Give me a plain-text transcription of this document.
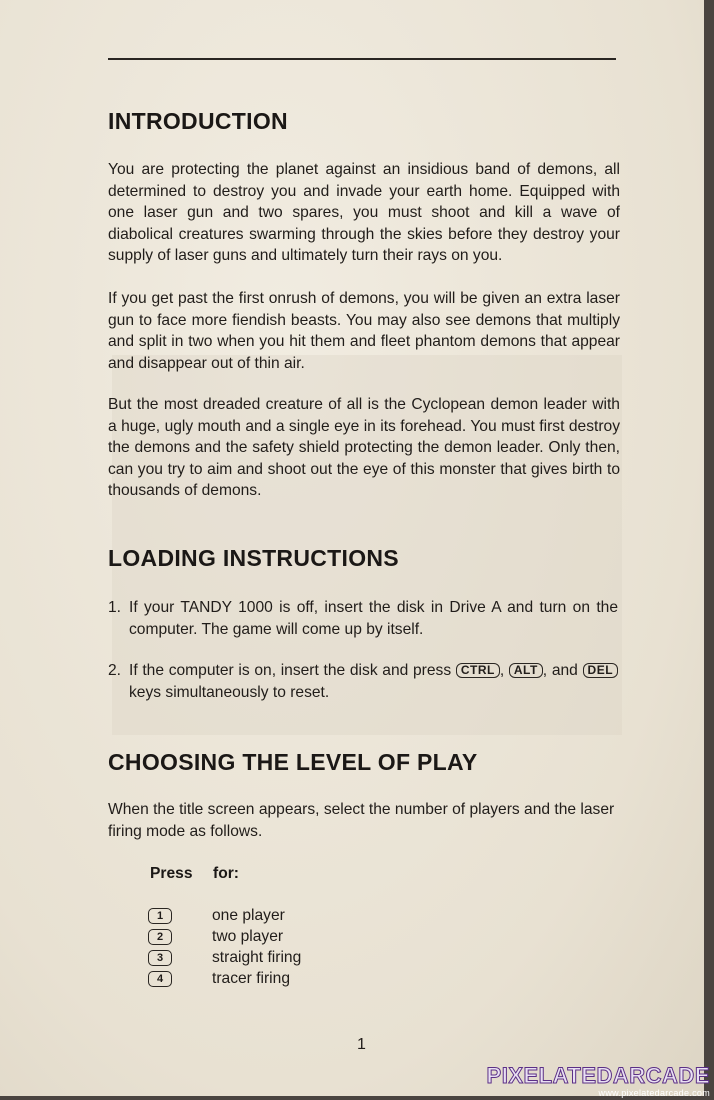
INTRODUCTION

You are protecting the planet against an insidious band of demons, all determined to destroy you and invade your earth home. Equipped with one laser gun and two spares, you must shoot and kill a wave of diabolical creatures swarming through the skies before they destroy your supply of laser guns and ultimately turn their rays on you.

If you get past the first onrush of demons, you will be given an extra laser gun to face more fiendish beasts. You may also see demons that multiply and split in two when you hit them and fleet phantom demons that appear and disappear out of thin air.

But the most dreaded creature of all is the Cyclopean demon leader with a huge, ugly mouth and a single eye in its forehead. You must first destroy the demons and the safety shield protecting the demon leader. Only then, can you try to aim and shoot out the eye of this monster that gives birth to thousands of demons.

LOADING INSTRUCTIONS
1. If your TANDY 1000 is off, insert the disk in Drive A and turn on the computer. The game will come up by itself.
2. If the computer is on, insert the disk and press CTRL , ALT , and DEL keys simultaneously to reset.
CHOOSING THE LEVEL OF PLAY

When the title screen appears, select the number of players and the laser firing mode as follows.

Press for:
1	one player
2	two player
3	straight firing
4	tracer firing
1
PIXELATEDARCADE
www.pixelatedarcade.com
